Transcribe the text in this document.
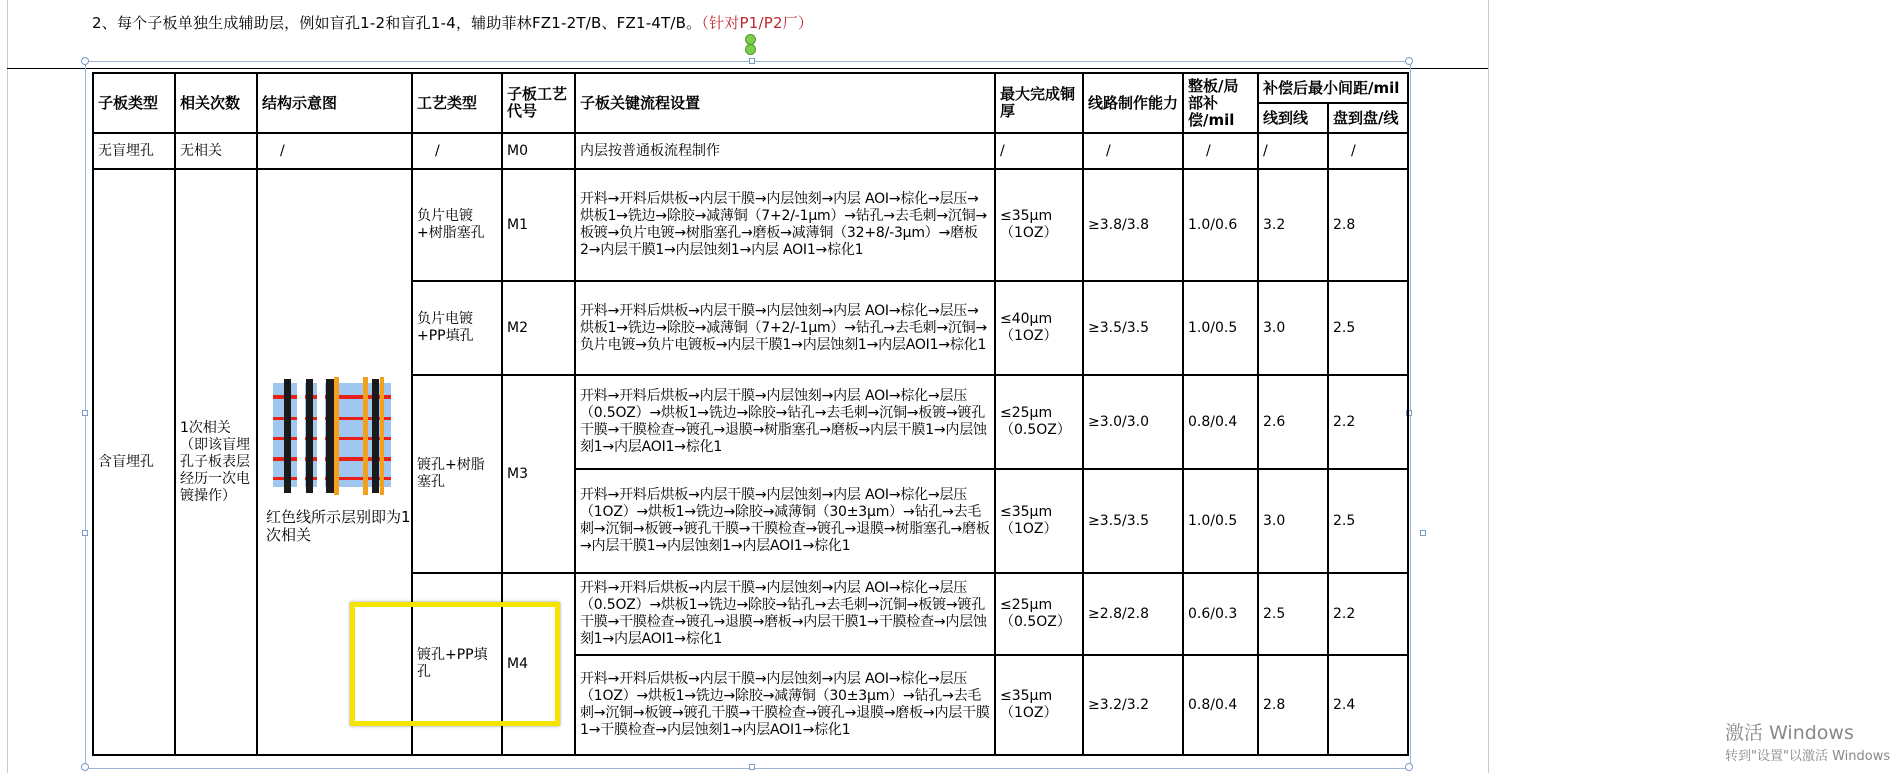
2、每个子板单独生成辅助层，例如盲孔1-2和盲孔1-4，辅助菲林FZ1-2T/B、FZ1-4T/B。（针对P1/P2厂）
子板类型	相关次数	结构示意图	工艺类型	子板工艺代号	子板关键流程设置	最大完成铜厚	线路制作能力	整板/局部补偿/mil	补偿后最小间距/mil	
									线到线	盘到盘/线
无盲埋孔	无相关	/	/	M0	内层按普通板流程制作	/	/	/	/	/
含盲埋孔	1次相关（即该盲埋孔子板表层经历一次电镀操作）	红色线所示层别即为1次相关	负片电镀+树脂塞孔	M1	开料→开料后烘板→内层干膜→内层蚀刻→内层 AOI→棕化→层压→烘板1→铣边→除胶→减薄铜（7+2/-1μm）→钻孔→去毛刺→沉铜→板镀→负片电镀→树脂塞孔→磨板→减薄铜（32+8/-3μm）→磨板2→内层干膜1→内层蚀刻1→内层 AOI1→棕化1	≤35μm（1OZ）	≥3.8/3.8	1.0/0.6	3.2	2.8
			负片电镀+PP填孔	M2	开料→开料后烘板→内层干膜→内层蚀刻→内层 AOI→棕化→层压→烘板1→铣边→除胶→减薄铜（7+2/-1μm）→钻孔→去毛刺→沉铜→负片电镀→负片电镀板→内层干膜1→内层蚀刻1→内层AOI1→棕化1	≤40μm（1OZ）	≥3.5/3.5	1.0/0.5	3.0	2.5
			镀孔+树脂塞孔	M3	开料→开料后烘板→内层干膜→内层蚀刻→内层 AOI→棕化→层压（0.5OZ）→烘板1→铣边→除胶→钻孔→去毛刺→沉铜→板镀→镀孔干膜→干膜检查→镀孔→退膜→树脂塞孔→磨板→内层干膜1→内层蚀刻1→内层AOI1→棕化1	≤25μm（0.5OZ）	≥3.0/3.0	0.8/0.4	2.6	2.2
					开料→开料后烘板→内层干膜→内层蚀刻→内层 AOI→棕化→层压（1OZ）→烘板1→铣边→除胶→减薄铜（30±3μm）→钻孔→去毛刺→沉铜→板镀→镀孔干膜→干膜检查→镀孔→退膜→树脂塞孔→磨板→内层干膜1→内层蚀刻1→内层AOI1→棕化1	≤35μm（1OZ）	≥3.5/3.5	1.0/0.5	3.0	2.5
			镀孔+PP填孔	M4	开料→开料后烘板→内层干膜→内层蚀刻→内层 AOI→棕化→层压（0.5OZ）→烘板1→铣边→除胶→钻孔→去毛刺→沉铜→板镀→镀孔干膜→干膜检查→镀孔→退膜→磨板→内层干膜1→干膜检查→内层蚀刻1→内层AOI1→棕化1	≤25μm（0.5OZ）	≥2.8/2.8	0.6/0.3	2.5	2.2
					开料→开料后烘板→内层干膜→内层蚀刻→内层 AOI→棕化→层压（1OZ）→烘板1→铣边→除胶→减薄铜（30±3μm）→钻孔→去毛刺→沉铜→板镀→镀孔干膜→干膜检查→镀孔→退膜→磨板→内层干膜1→干膜检查→内层蚀刻1→内层AOI1→棕化1	≤35μm（1OZ）	≥3.2/3.2	0.8/0.4	2.8	2.4
激活 Windows
转到"设置"以激活 Windows
